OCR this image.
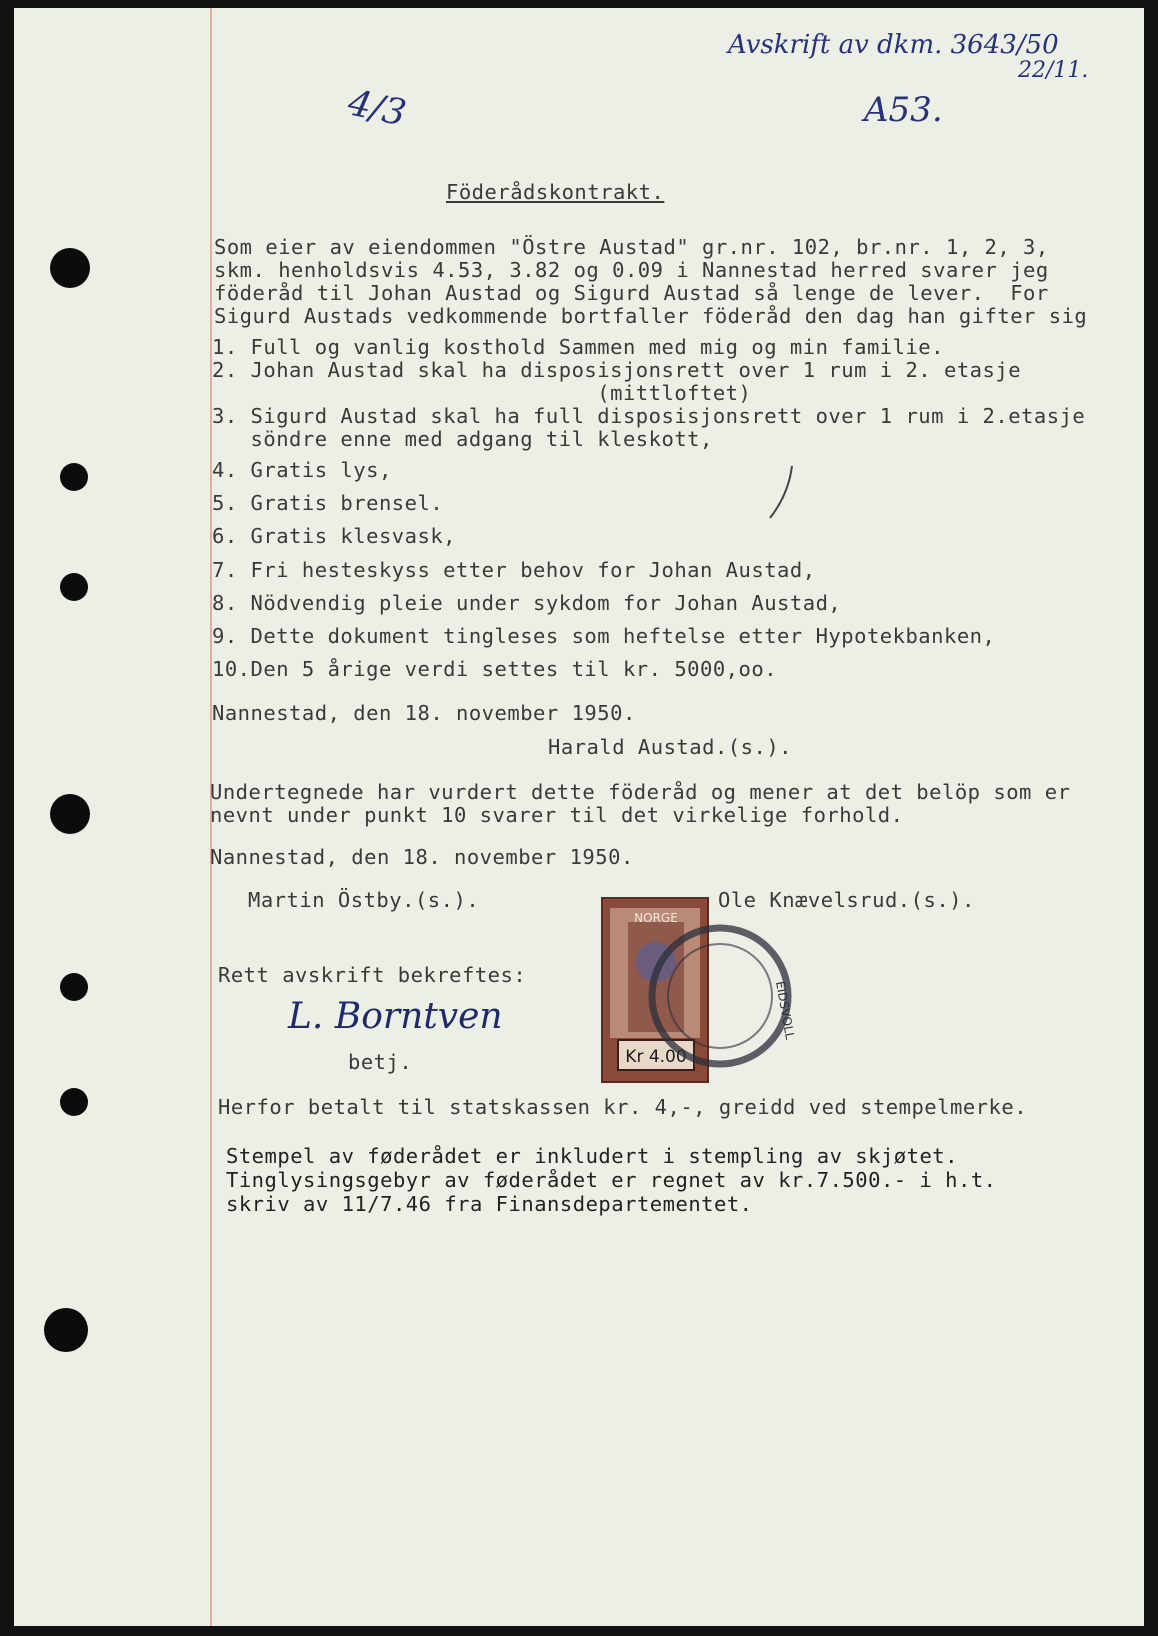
Avskrift av dkm. 3643/50
22/11.
A53.
4/3
Föderådskontrakt.
Som eier av eiendommen "Östre Austad" gr.nr. 102, br.nr. 1, 2, 3,
skm. henholdsvis 4.53, 3.82 og 0.09 i Nannestad herred svarer jeg
föderåd til Johan Austad og Sigurd Austad så lenge de lever.  For
Sigurd Austads vedkommende bortfaller föderåd den dag han gifter sig
1. Full og vanlig kosthold Sammen med mig og min familie.
2. Johan Austad skal ha disposisjonsrett over 1 rum i 2. etasje
(mittloftet)
3. Sigurd Austad skal ha full disposisjonsrett over 1 rum i 2.etasje
söndre enne med adgang til kleskott,
4. Gratis lys,
5. Gratis brensel.
6. Gratis klesvask,
7. Fri hesteskyss etter behov for Johan Austad,
8. Nödvendig pleie under sykdom for Johan Austad,
9. Dette dokument tingleses som heftelse etter Hypotekbanken,
10.Den 5 årige verdi settes til kr. 5000,oo.
Nannestad, den 18. november 1950.
Harald Austad.(s.).
Undertegnede har vurdert dette föderåd og mener at det belöp som er
nevnt under punkt 10 svarer til det virkelige forhold.
Nannestad, den 18. november 1950.
Martin Östby.(s.).	Ole Knævelsrud.(s.).
Rett avskrift bekreftes:
L. Borntven
betj.	Kr 4.00
NORGE
EIDSVOLL
Herfor betalt til statskassen kr. 4,-, greidd ved stempelmerke.
Stempel av føderådet er inkludert i stempling av skjøtet.
Tinglysingsgebyr av føderådet er regnet av kr.7.500.- i h.t.
skriv av 11/7.46 fra Finansdepartementet.
